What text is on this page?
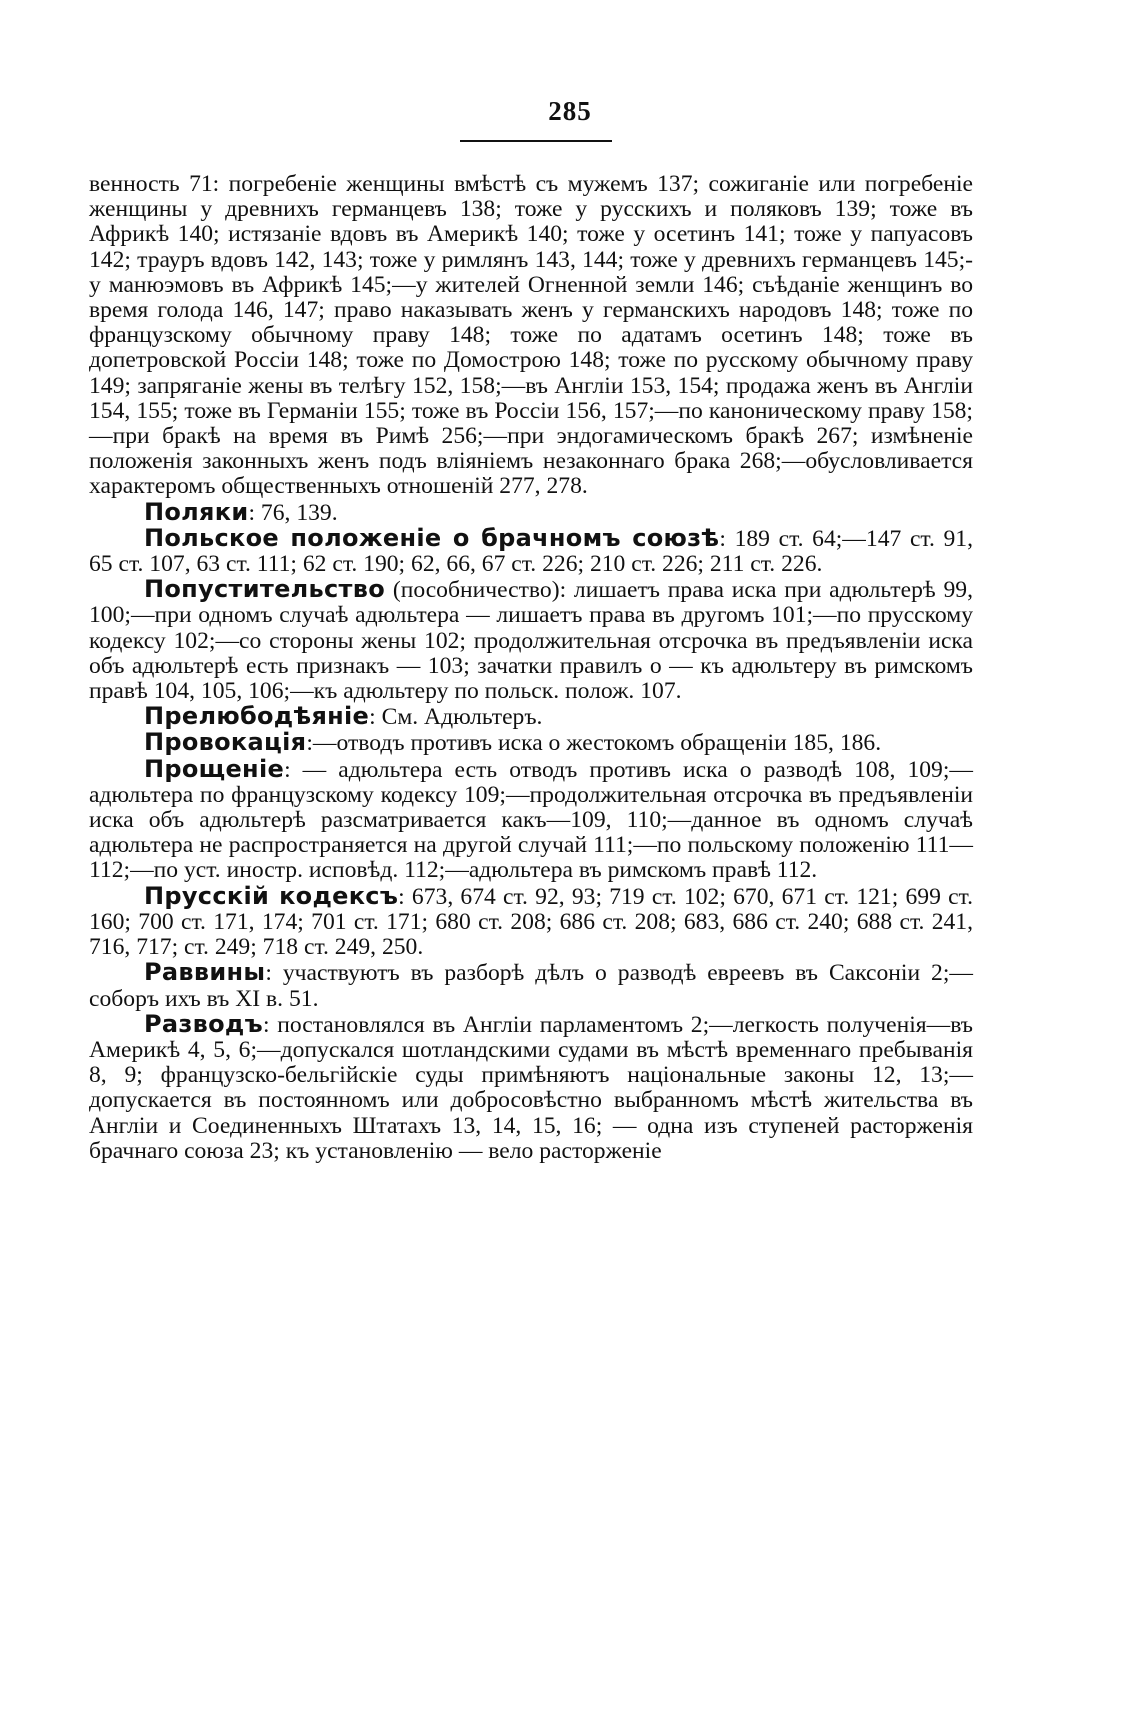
285

венность 71: погребеніе женщины вмѣстѣ съ мужемъ 137; сожиганіе или погребеніе женщины у древнихъ германцевъ 138; тоже у русскихъ и поляковъ 139; тоже въ Африкѣ 140; истязаніе вдовъ въ Америкѣ 140; тоже у осетинъ 141; тоже у папуасовъ 142; трауръ вдовъ 142, 143; тоже у римлянъ 143, 144; тоже у древнихъ германцевъ 145;- у манюэмовъ въ Африкѣ 145;—у жителей Огненной земли 146; съѣданіе женщинъ во время голода 146, 147; право наказывать женъ у германскихъ народовъ 148; тоже по французскому обычному праву 148; тоже по адатамъ осетинъ 148; тоже въ допетровской Россіи 148; тоже по Домострою 148; тоже по русскому обычному праву 149; запряганіе жены въ телѣгу 152, 158;—въ Англіи 153, 154; продажа женъ въ Англіи 154, 155; тоже въ Германіи 155; тоже въ Россіи 156, 157;—по каноническому праву 158;—при бракѣ на время въ Римѣ 256;—при эндогамическомъ бракѣ 267; измѣненіе положенія законныхъ женъ подъ вліяніемъ незаконнаго брака 268;—обусловливается характеромъ общественныхъ отношеній 277, 278.

Поляки: 76, 139.

Польское положеніе о брачномъ союзѣ: 189 ст. 64;—147 ст. 91, 65 ст. 107, 63 ст. 111; 62 ст. 190; 62, 66, 67 ст. 226; 210 ст. 226; 211 ст. 226.

Попустительство (пособничество): лишаетъ права иска при адюльтерѣ 99, 100;—при одномъ случаѣ адюльтера — лишаетъ права въ другомъ 101;—по прусскому кодексу 102;—со стороны жены 102; продолжительная отсрочка въ предъявленіи иска объ адюльтерѣ есть признакъ — 103; зачатки правилъ о — къ адюльтеру въ римскомъ правѣ 104, 105, 106;—къ адюльтеру по польск. полож. 107.

Прелюбодѣяніе: См. Адюльтеръ.

Провокація:—отводъ противъ иска о жестокомъ обращеніи 185, 186.

Прощеніе: — адюльтера есть отводъ противъ иска о разводѣ 108, 109;—адюльтера по французскому кодексу 109;—продолжительная отсрочка въ предъявленіи иска объ адюльтерѣ разсматривается какъ—109, 110;—данное въ одномъ случаѣ адюльтера не распространяется на другой случай 111;—по польскому положенію 111—112;—по уст. иностр. исповѣд. 112;—адюльтера въ римскомъ правѣ 112.

Прусскій кодексъ: 673, 674 ст. 92, 93; 719 ст. 102; 670, 671 ст. 121; 699 ст. 160; 700 ст. 171, 174; 701 ст. 171; 680 ст. 208; 686 ст. 208; 683, 686 ст. 240; 688 ст. 241, 716, 717; ст. 249; 718 ст. 249, 250.

Раввины: участвуютъ въ разборѣ дѣлъ о разводѣ евреевъ въ Саксоніи 2;—соборъ ихъ въ XI в. 51.

Разводъ: постановлялся въ Англіи парламентомъ 2;—легкость полученія—въ Америкѣ 4, 5, 6;—допускался шотландскими судами въ мѣстѣ временнаго пребыванія 8, 9; французско-бельгійскіе суды примѣняютъ національные законы 12, 13;—допускается въ постоянномъ или добросовѣстно выбранномъ мѣстѣ жительства въ Англіи и Соединенныхъ Штатахъ 13, 14, 15, 16; — одна изъ ступеней расторженія брачнаго союза 23; къ установленію — вело расторженіе
